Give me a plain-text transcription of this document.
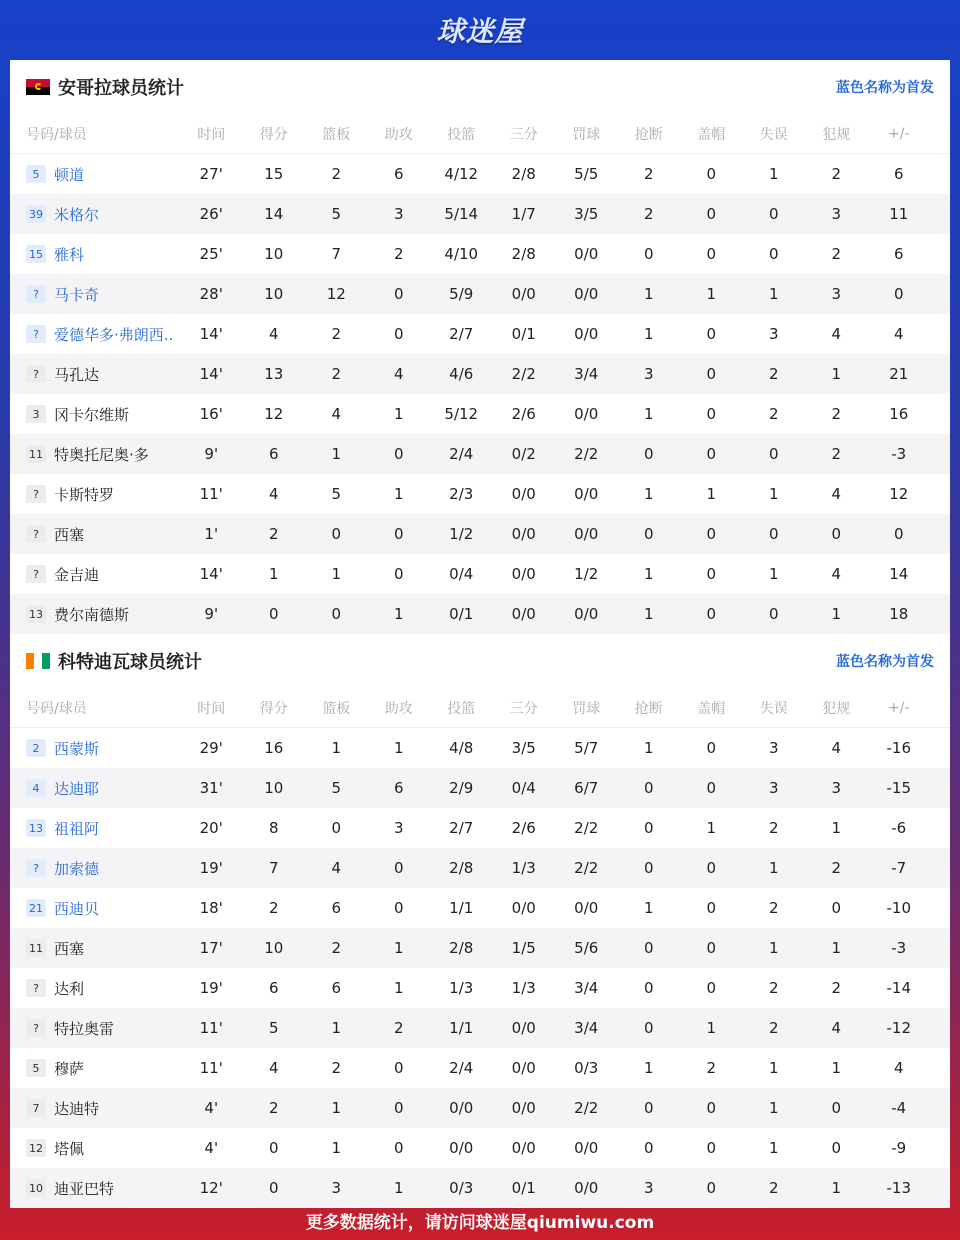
球迷屋
安哥拉球员统计	蓝色名称为首发
号码/球员	时间	得分	篮板	助攻	投篮	三分	罚球	抢断	盖帽	失误	犯规	+/-
5 顿道	27'	15	2	6	4/12	2/8	5/5	2	0	1	2	6
39 米格尔	26'	14	5	3	5/14	1/7	3/5	2	0	0	3	11
15 雅科	25'	10	7	2	4/10	2/8	0/0	0	0	0	2	6
?	马卡奇	28'	10	12	0	5/9	0/0	0/0	1	1	1	3	0
?	爱德华多·弗朗西..	14'	4	2	0	2/7	0/1	0/0	1	0	3	4	4
?	马孔达	14'	13	2	4	4/6	2/2	3/4	3	0	2	1	21
3 冈卡尔维斯	16'	12	4	1	5/12	2/6	0/0	1	0	2	2	16
11 特奥托尼奥·多	9'	6	1	0	2/4	0/2	2/2	0	0	0	2	-3
?	卡斯特罗	11'	4	5	1	2/3	0/0	0/0	1	1	1	4	12
?	西塞	1'	2	0	0	1/2	0/0	0/0	0	0	0	0	0
?	金吉迪	14'	1	1	0	0/4	0/0	1/2	1	0	1	4	14
13 费尔南德斯	9'	0	0	1	0/1	0/0	0/0	1	0	0	1	18
科特迪瓦球员统计	蓝色名称为首发
号码/球员	时间	得分	篮板	助攻	投篮	三分	罚球	抢断	盖帽	失误	犯规	+/-
2 西蒙斯	29'	16	1	1	4/8	3/5	5/7	1	0	3	4	-16
4 达迪耶	31'	10	5	6	2/9	0/4	6/7	0	0	3	3	-15
13 祖祖阿	20'	8	0	3	2/7	2/6	2/2	0	1	2	1	-6
?	加索德	19'	7	4	0	2/8	1/3	2/2	0	0	1	2	-7
21 西迪贝	18'	2	6	0	1/1	0/0	0/0	1	0	2	0	-10
11 西塞	17'	10	2	1	2/8	1/5	5/6	0	0	1	1	-3
?	达利	19'	6	6	1	1/3	1/3	3/4	0	0	2	2	-14
?	特拉奥雷	11'	5	1	2	1/1	0/0	3/4	0	1	2	4	-12
5 穆萨	11'	4	2	0	2/4	0/0	0/3	1	2	1	1	4
7 达迪特	4'	2	1	0	0/0	0/0	2/2	0	0	1	0	-4
12 塔佩	4'	0	1	0	0/0	0/0	0/0	0	0	1	0	-9
10 迪亚巴特	12'	0	3	1	0/3	0/1	0/0	3	0	2	1	-13
更多数据统计，请访问球迷屋qiumiwu.com
